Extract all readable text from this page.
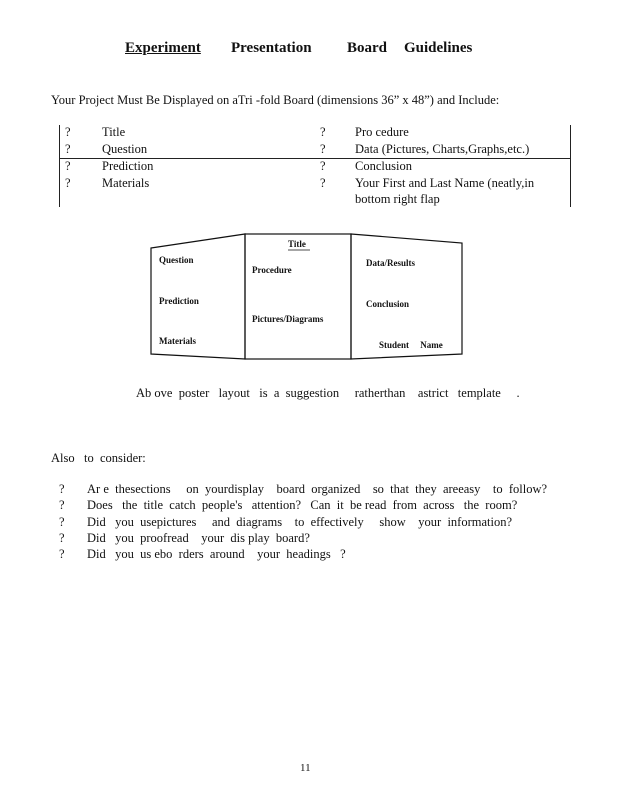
Experiment	Presentation Board Guidelines
Your Project Must Be Displayed on aTri -fold Board (dimensions 36” x 48”) and Include:
?	Title	? Pro cedure
?	Question	? Data (Pictures, Charts,Graphs,etc.)
?	Prediction	? Conclusion
?	Materials	? Your First and Last Name (neatly,in
bottom right flap
Title
Question
Prediction
Materials
Procedure
Pictures/Diagrams
Data/Results
Conclusion
Student     Name
Ab ove  poster   layout   is  a  suggestion     ratherthan    astrict   template     .
Also   to  consider:
? Ar e  thesections     on  yourdisplay    board  organized    so  that  they  areeasy    to  follow?
? Does   the  title  catch  people's   attention?   Can  it  be read  from  across   the  room?
? Did   you  usepictures     and  diagrams    to  effectively     show    your  information?
? Did   you  proofread    your  dis play  board?
? Did   you  us ebo  rders  around    your  headings   ?
11
